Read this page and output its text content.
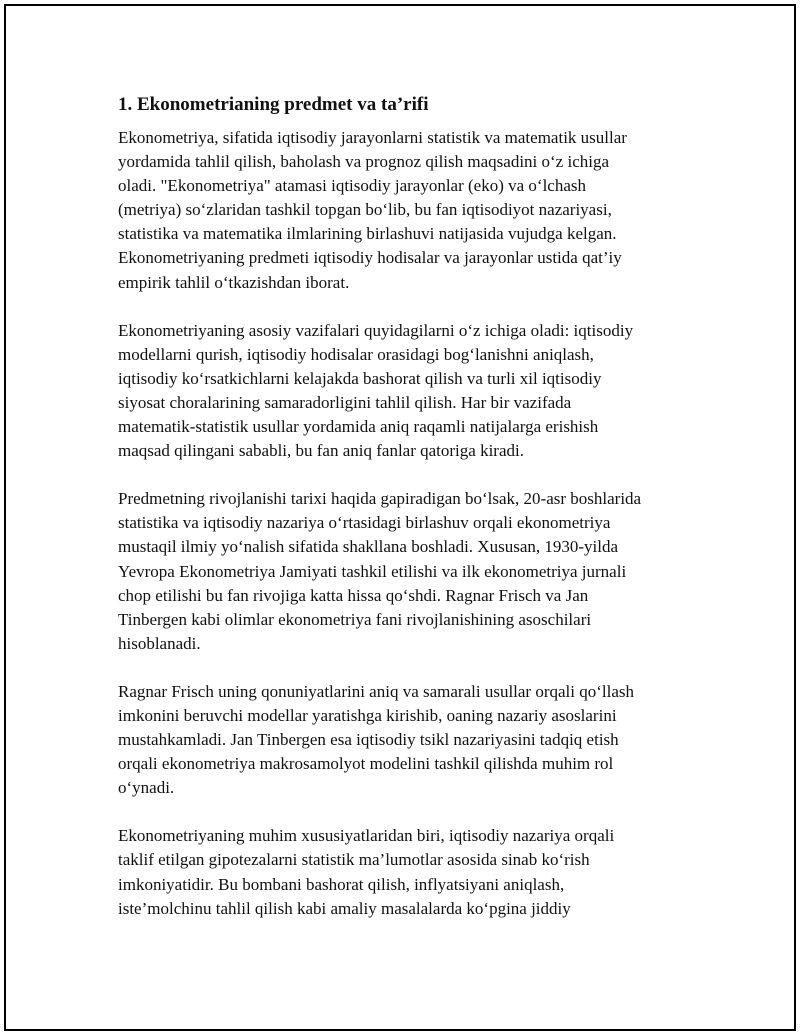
1. Ekonometrianing predmet va ta’rifi
Ekonometriya, sifatida iqtisodiy jarayonlarni statistik va matematik usullar
yordamida tahlil qilish, baholash va prognoz qilish maqsadini oʻz ichiga
oladi. "Ekonometriya" atamasi iqtisodiy jarayonlar (eko) va oʻlchash
(metriya) soʻzlaridan tashkil topgan boʻlib, bu fan iqtisodiyot nazariyasi,
statistika va matematika ilmlarining birlashuvi natijasida vujudga kelgan.
Ekonometriyaning predmeti iqtisodiy hodisalar va jarayonlar ustida qat’iy
empirik tahlil oʻtkazishdan iborat.
Ekonometriyaning asosiy vazifalari quyidagilarni oʻz ichiga oladi: iqtisodiy
modellarni qurish, iqtisodiy hodisalar orasidagi bogʻlanishni aniqlash,
iqtisodiy koʻrsatkichlarni kelajakda bashorat qilish va turli xil iqtisodiy
siyosat choralarining samaradorligini tahlil qilish. Har bir vazifada
matematik-statistik usullar yordamida aniq raqamli natijalarga erishish
maqsad qilingani sababli, bu fan aniq fanlar qatoriga kiradi.
Predmetning rivojlanishi tarixi haqida gapiradigan boʻlsak, 20-asr boshlarida
statistika va iqtisodiy nazariya oʻrtasidagi birlashuv orqali ekonometriya
mustaqil ilmiy yoʻnalish sifatida shakllana boshladi. Xususan, 1930-yilda
Yevropa Ekonometriya Jamiyati tashkil etilishi va ilk ekonometriya jurnali
chop etilishi bu fan rivojiga katta hissa qoʻshdi. Ragnar Frisch va Jan
Tinbergen kabi olimlar ekonometriya fani rivojlanishining asoschilari
hisoblanadi.
Ragnar Frisch uning qonuniyatlarini aniq va samarali usullar orqali qoʻllash
imkonini beruvchi modellar yaratishga kirishib, oaning nazariy asoslarini
mustahkamladi. Jan Tinbergen esa iqtisodiy tsikl nazariyasini tadqiq etish
orqali ekonometriya makrosamolyot modelini tashkil qilishda muhim rol
oʻynadi.
Ekonometriyaning muhim xususiyatlaridan biri, iqtisodiy nazariya orqali
taklif etilgan gipotezalarni statistik ma’lumotlar asosida sinab koʻrish
imkoniyatidir. Bu bombani bashorat qilish, inflyatsiyani aniqlash,
iste’molchinu tahlil qilish kabi amaliy masalalarda koʻpgina jiddiy
